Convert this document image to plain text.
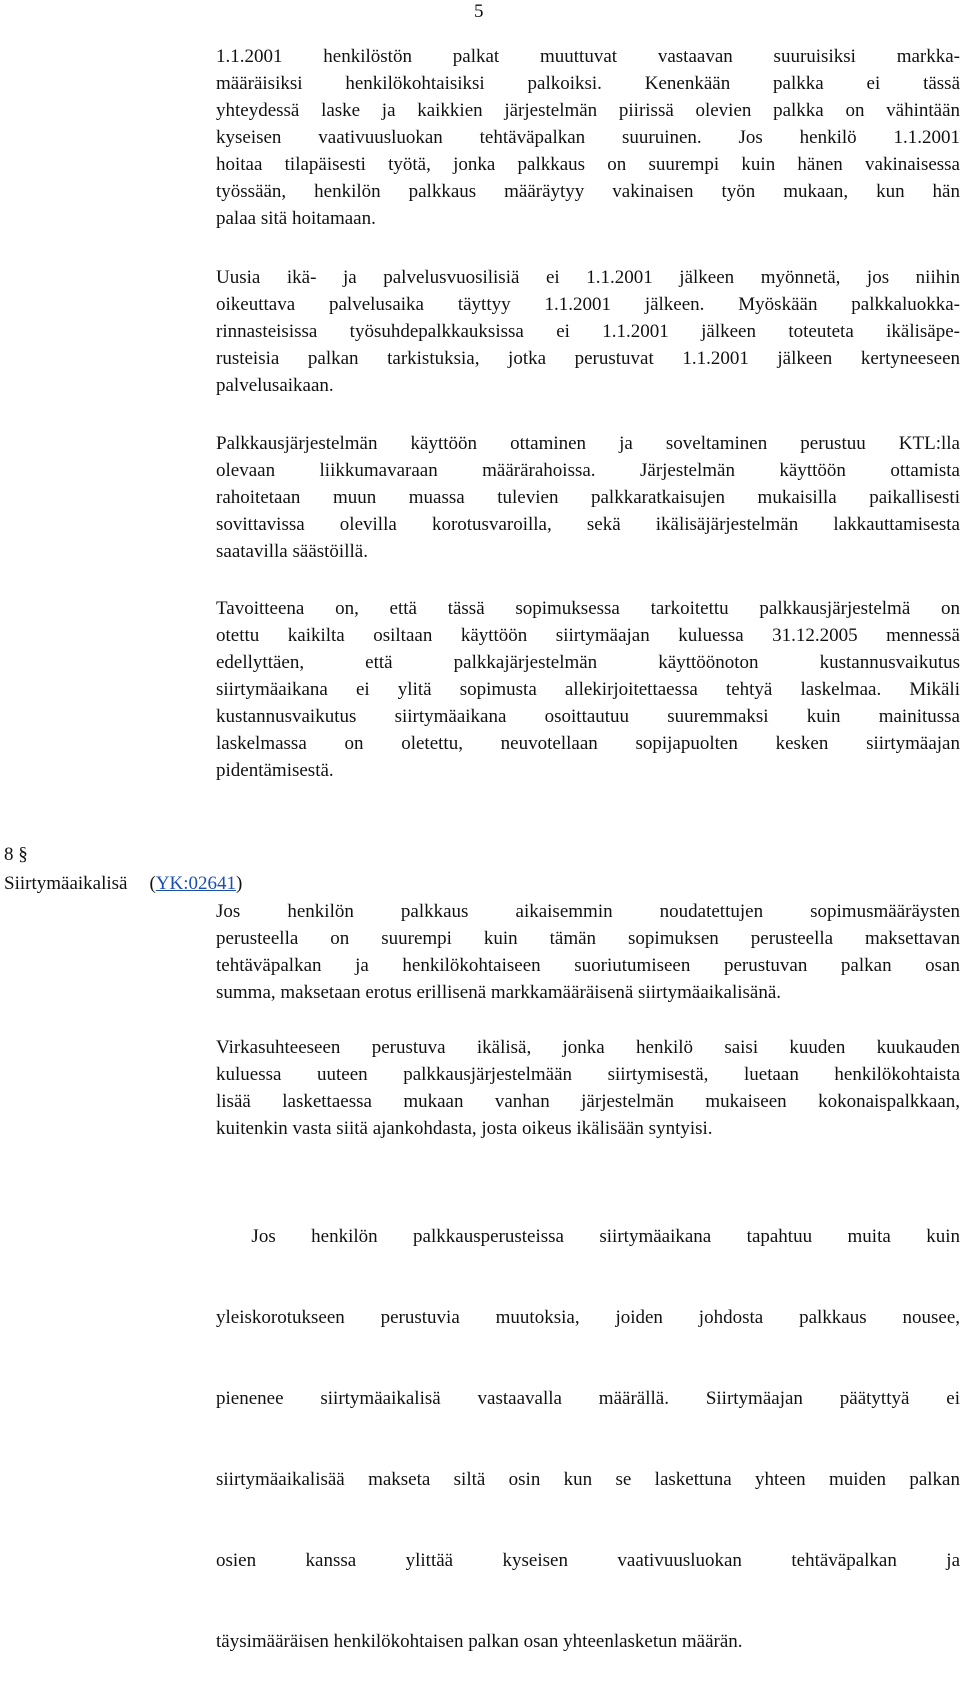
5
1.1.2001 henkilöstön palkat muuttuvat vastaavan suuruisiksi markka-
määräisiksi henkilökohtaisiksi palkoiksi. Kenenkään palkka ei tässä
yhteydessä laske ja kaikkien järjestelmän piirissä olevien palkka on vähintään
kyseisen vaativuusluokan tehtäväpalkan suuruinen. Jos henkilö 1.1.2001
hoitaa tilapäisesti työtä, jonka palkkaus on suurempi kuin hänen vakinaisessa
työssään, henkilön palkkaus määräytyy vakinaisen työn mukaan, kun hän
palaa sitä hoitamaan.
Uusia ikä- ja palvelusvuosilisiä ei 1.1.2001 jälkeen myönnetä, jos niihin
oikeuttava palvelusaika täyttyy 1.1.2001 jälkeen. Myöskään palkkaluokka-
rinnasteisissa työsuhdepalkkauksissa ei 1.1.2001 jälkeen toteuteta ikälisäpe-
rusteisia palkan tarkistuksia, jotka perustuvat 1.1.2001 jälkeen kertyneeseen
palvelusaikaan.
Palkkausjärjestelmän käyttöön ottaminen ja soveltaminen perustuu KTL:lla
olevaan liikkumavaraan määrärahoissa. Järjestelmän käyttöön ottamista
rahoitetaan muun muassa tulevien palkkaratkaisujen mukaisilla paikallisesti
sovittavissa olevilla korotusvaroilla, sekä ikälisäjärjestelmän lakkauttamisesta
saatavilla säästöillä.
Tavoitteena on, että tässä sopimuksessa tarkoitettu palkkausjärjestelmä on
otettu kaikilta osiltaan käyttöön siirtymäajan kuluessa 31.12.2005 mennessä
edellyttäen, että palkkajärjestelmän käyttöönoton kustannusvaikutus
siirtymäaikana ei ylitä sopimusta allekirjoitettaessa tehtyä laskelmaa. Mikäli
kustannusvaikutus siirtymäaikana osoittautuu suuremmaksi kuin mainitussa
laskelmassa on oletettu, neuvotellaan sopijapuolten kesken siirtymäajan
pidentämisestä.
8 §
Siirtymäaikalisä (YK:02641)
Jos henkilön palkkaus aikaisemmin noudatettujen sopimusmääräysten
perusteella on suurempi kuin tämän sopimuksen perusteella maksettavan
tehtäväpalkan ja henkilökohtaiseen suoriutumiseen perustuvan palkan osan
summa, maksetaan erotus erillisenä markkamääräisenä siirtymäaikalisänä.
Virkasuhteeseen perustuva ikälisä, jonka henkilö saisi kuuden kuukauden
kuluessa uuteen palkkausjärjestelmään siirtymisestä, luetaan henkilökohtaista
lisää laskettaessa mukaan vanhan järjestelmän mukaiseen kokonaispalkkaan,
kuitenkin vasta siitä ajankohdasta, josta oikeus ikälisään syntyisi.

Jos henkilön palkkausperusteissa siirtymäaikana tapahtuu muita kuin

yleiskorotukseen perustuvia muutoksia, joiden johdosta palkkaus nousee,

pienenee siirtymäaikalisä vastaavalla määrällä. Siirtymäajan päätyttyä ei

siirtymäaikalisää makseta siltä osin kun se laskettuna yhteen muiden palkan

osien kanssa ylittää kyseisen vaativuusluokan tehtäväpalkan ja

täysimääräisen henkilökohtaisen palkan osan yhteenlasketun määrän.
